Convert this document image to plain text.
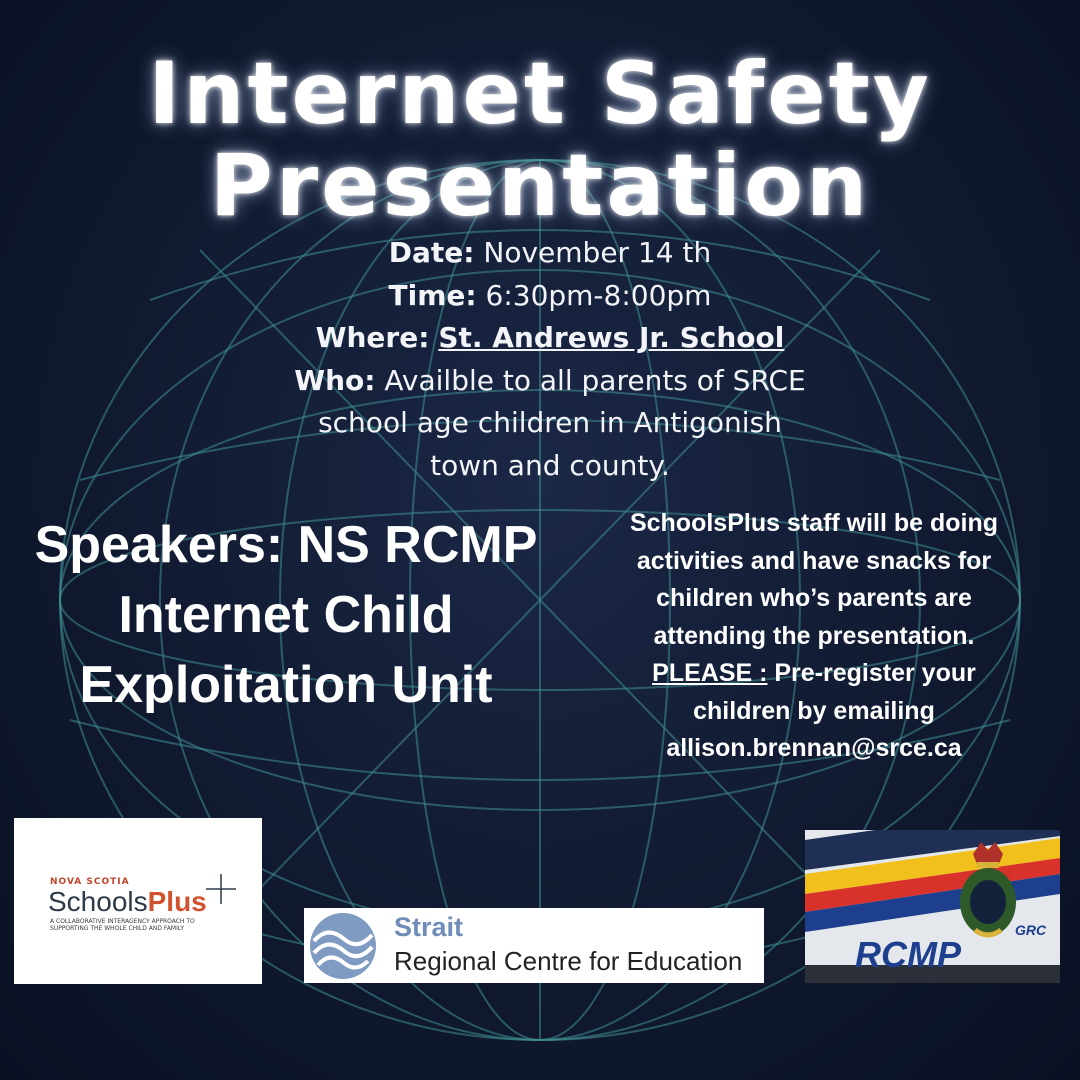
Internet Safety
Presentation
Date: November 14 th
Time: 6:30pm-8:00pm
Where: St. Andrews Jr. School
Who: Availble to all parents of SRCE
school age children in Antigonish
town and county.
Speakers: NS RCMP
Internet Child
Exploitation Unit
SchoolsPlus staff will be doing
activities and have snacks for
children who’s parents are
attending the presentation.
PLEASE : Pre-register your
children by emailing
allison.brennan@srce.ca
NOVA SCOTIA
SchoolsPlus
A COLLABORATIVE INTERAGENCY APPROACH TO SUPPORTING THE WHOLE CHILD AND FAMILY	Strait
Regional Centre for Education	RCMP
GRC
